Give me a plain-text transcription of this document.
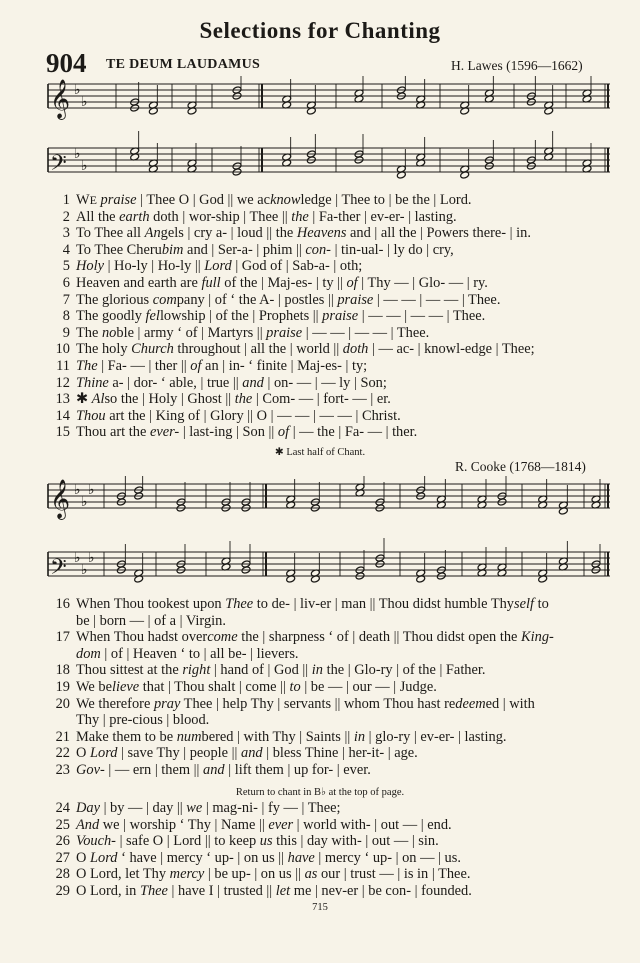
Selections for Chanting
904 TE DEUM LAUDAMUS	H. Lawes (1596—1662)
𝄞 ♭
♭
𝄢 ♭
♭
1 WE praise | Thee O | God || we acknowledge | Thee to | be the | Lord.
2 All the earth doth | wor-ship | Thee || the | Fa-ther | ev-er- | lasting.
3 To Thee all Angels | cry a- | loud || the Heavens and | all the | Powers there- | in.
4 To Thee Cherubim and | Ser-a- | phim || con- | tin-ual- | ly do | cry,
5 Holy | Ho-ly | Ho-ly || Lord | God of | Sab-a- | oth;
6 Heaven and earth are full of the | Maj-es- | ty || of | Thy — | Glo- — | ry.
7 The glorious company | of ‘ the A- | postles || praise | — — | — — | Thee.
8 The goodly fellowship | of the | Prophets || praise | — — | — — | Thee.
9 The noble | army ‘ of | Martyrs || praise | — — | — — | Thee.
10 The holy Church throughout | all the | world || doth | — ac- | knowl-edge | Thee;
11 The | Fa- — | ther || of an | in- ‘ finite | Maj-es- | ty;
12 Thine a- | dor- ‘ able, | true || and | on- — | — ly | Son;
13 ✱ Also the | Holy | Ghost || the | Com- — | fort- — | er.
14 Thou art the | King of | Glory || O | — — | — — | Christ.
15 Thou art the ever- | last-ing | Son || of | — the | Fa- — | ther.
✱ Last half of Chant.
R. Cooke (1768—1814)
𝄞 ♭
♭
♭
𝄢 ♭
♭
♭
16 When Thou tookest upon Thee to de- | liv-er | man || Thou didst humble Thyself to
be | born — | of a | Virgin.
17 When Thou hadst overcome the | sharpness ‘ of | death || Thou didst open the King-
dom | of | Heaven ‘ to | all be- | lievers.
18 Thou sittest at the right | hand of | God || in the | Glo-ry | of the | Father.
19 We believe that | Thou shalt | come || to | be — | our — | Judge.
20 We therefore pray Thee | help Thy | servants || whom Thou hast redeemed | with
Thy | pre-cious | blood.
21 Make them to be numbered | with Thy | Saints || in | glo-ry | ev-er- | lasting.
22 O Lord | save Thy | people || and | bless Thine | her-it- | age.
23 Gov- | — ern | them || and | lift them | up for- | ever.
Return to chant in B♭ at the top of page.
24 Day | by — | day || we | mag-ni- | fy — | Thee;
25 And we | worship ‘ Thy | Name || ever | world with- | out — | end.
26 Vouch- | safe O | Lord || to keep us this | day with- | out — | sin.
27 O Lord ‘ have | mercy ‘ up- | on us || have | mercy ‘ up- | on — | us.
28 O Lord, let Thy mercy | be up- | on us || as our | trust — | is in | Thee.
29 O Lord, in Thee | have I | trusted || let me | nev-er | be con- | founded.
715
